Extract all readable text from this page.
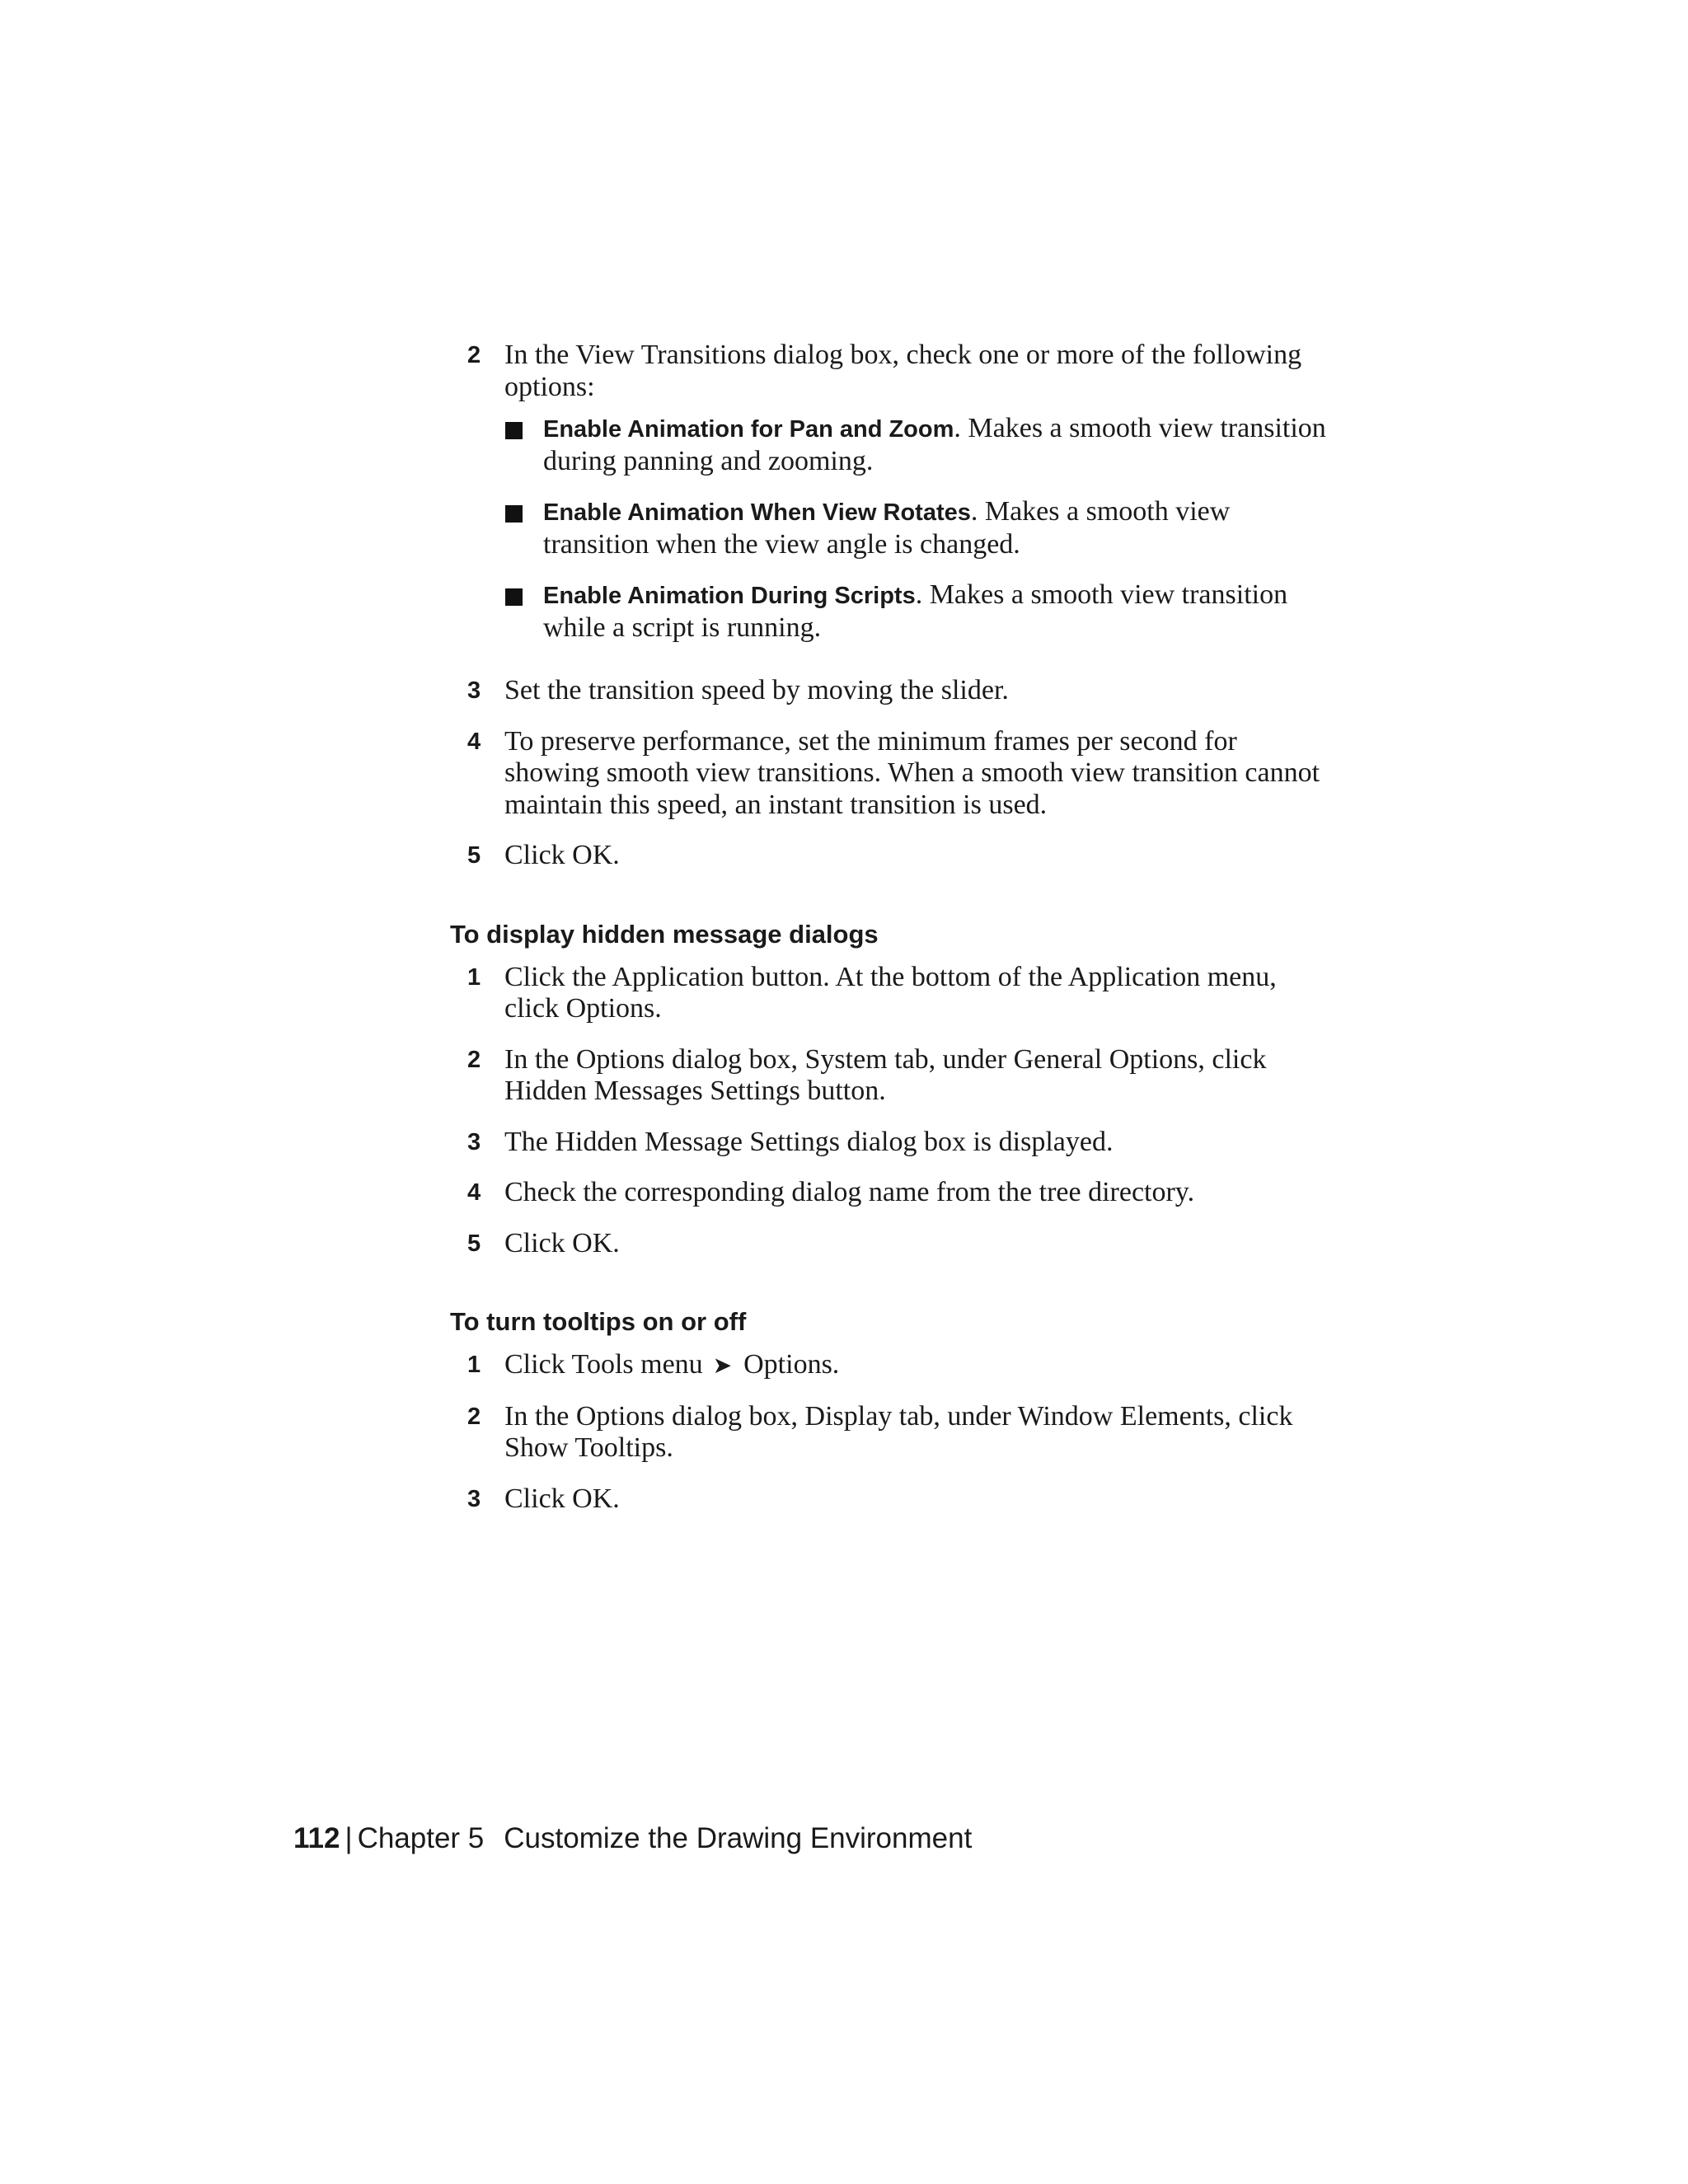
2 In the View Transitions dialog box, check one or more of the following options:
Enable Animation for Pan and Zoom. Makes a smooth view transition during panning and zooming.
Enable Animation When View Rotates. Makes a smooth view transition when the view angle is changed.
Enable Animation During Scripts. Makes a smooth view transition while a script is running.
3 Set the transition speed by moving the slider.
4 To preserve performance, set the minimum frames per second for showing smooth view transitions. When a smooth view transition cannot maintain this speed, an instant transition is used.
5 Click OK.
To display hidden message dialogs
1 Click the Application button. At the bottom of the Application menu, click Options.
2 In the Options dialog box, System tab, under General Options, click Hidden Messages Settings button.
3 The Hidden Message Settings dialog box is displayed.
4 Check the corresponding dialog name from the tree directory.
5 Click OK.
To turn tooltips on or off
1 Click Tools menu ➤ Options.
2 In the Options dialog box, Display tab, under Window Elements, click Show Tooltips.
3 Click OK.
112 | Chapter 5 Customize the Drawing Environment
